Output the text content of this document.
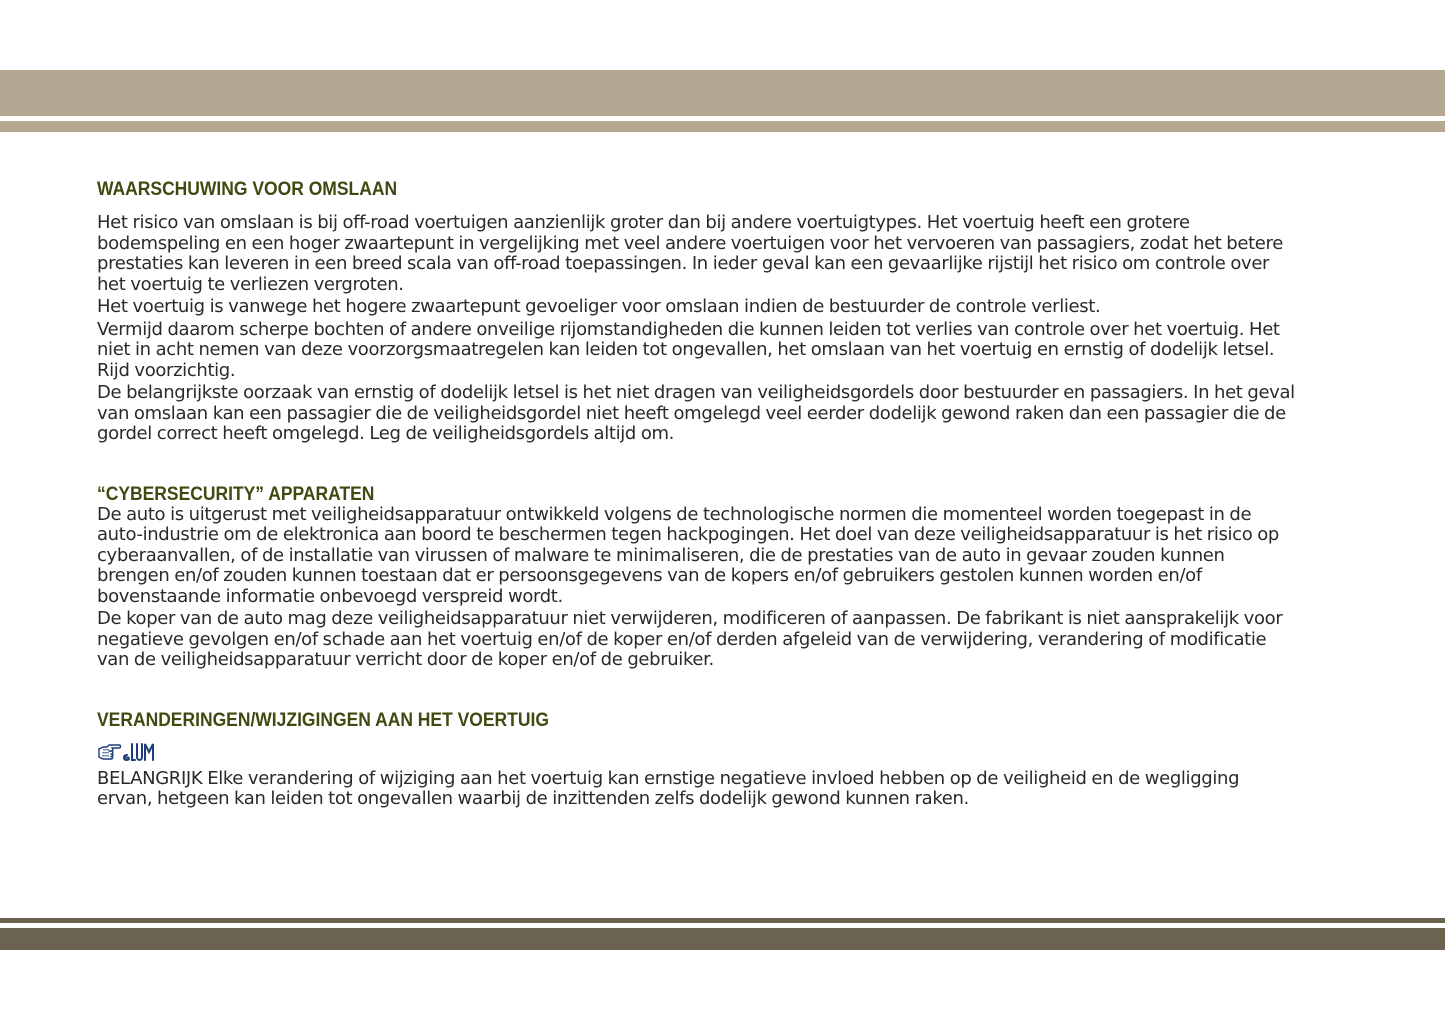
WAARSCHUWING VOOR OMSLAAN

Het risico van omslaan is bij off-road voertuigen aanzienlijk groter dan bij andere voertuigtypes. Het voertuig heeft een grotere bodemspeling en een hoger zwaartepunt in vergelijking met veel andere voertuigen voor het vervoeren van passagiers, zodat het betere prestaties kan leveren in een breed scala van off-road toepassingen. In ieder geval kan een gevaarlijke rijstijl het risico om controle over het voertuig te verliezen vergroten.

Het voertuig is vanwege het hogere zwaartepunt gevoeliger voor omslaan indien de bestuurder de controle verliest.

Vermijd daarom scherpe bochten of andere onveilige rijomstandigheden die kunnen leiden tot verlies van controle over het voertuig. Het niet in acht nemen van deze voorzorgsmaatregelen kan leiden tot ongevallen, het omslaan van het voertuig en ernstig of dodelijk letsel. Rijd voorzichtig.

De belangrijkste oorzaak van ernstig of dodelijk letsel is het niet dragen van veiligheidsgordels door bestuurder en passagiers. In het geval van omslaan kan een passagier die de veiligheidsgordel niet heeft omgelegd veel eerder dodelijk gewond raken dan een passagier die de gordel correct heeft omgelegd. Leg de veiligheidsgordels altijd om.

“CYBERSECURITY” APPARATEN

De auto is uitgerust met veiligheidsapparatuur ontwikkeld volgens de technologische normen die momenteel worden toegepast in de auto-industrie om de elektronica aan boord te beschermen tegen hackpogingen. Het doel van deze veiligheidsapparatuur is het risico op cyberaanvallen, of de installatie van virussen of malware te minimaliseren, die de prestaties van de auto in gevaar zouden kunnen brengen en/of zouden kunnen toestaan dat er persoonsgegevens van de kopers en/of gebruikers gestolen kunnen worden en/of bovenstaande informatie onbevoegd verspreid wordt.

De koper van de auto mag deze veiligheidsapparatuur niet verwijderen, modificeren of aanpassen. De fabrikant is niet aansprakelijk voor negatieve gevolgen en/of schade aan het voertuig en/of de koper en/of derden afgeleid van de verwijdering, verandering of modificatie van de veiligheidsapparatuur verricht door de koper en/of de gebruiker.

VERANDERINGEN/WIJZIGINGEN AAN HET VOERTUIG

BELANGRIJK Elke verandering of wijziging aan het voertuig kan ernstige negatieve invloed hebben op de veiligheid en de wegligging ervan, hetgeen kan leiden tot ongevallen waarbij de inzittenden zelfs dodelijk gewond kunnen raken.
